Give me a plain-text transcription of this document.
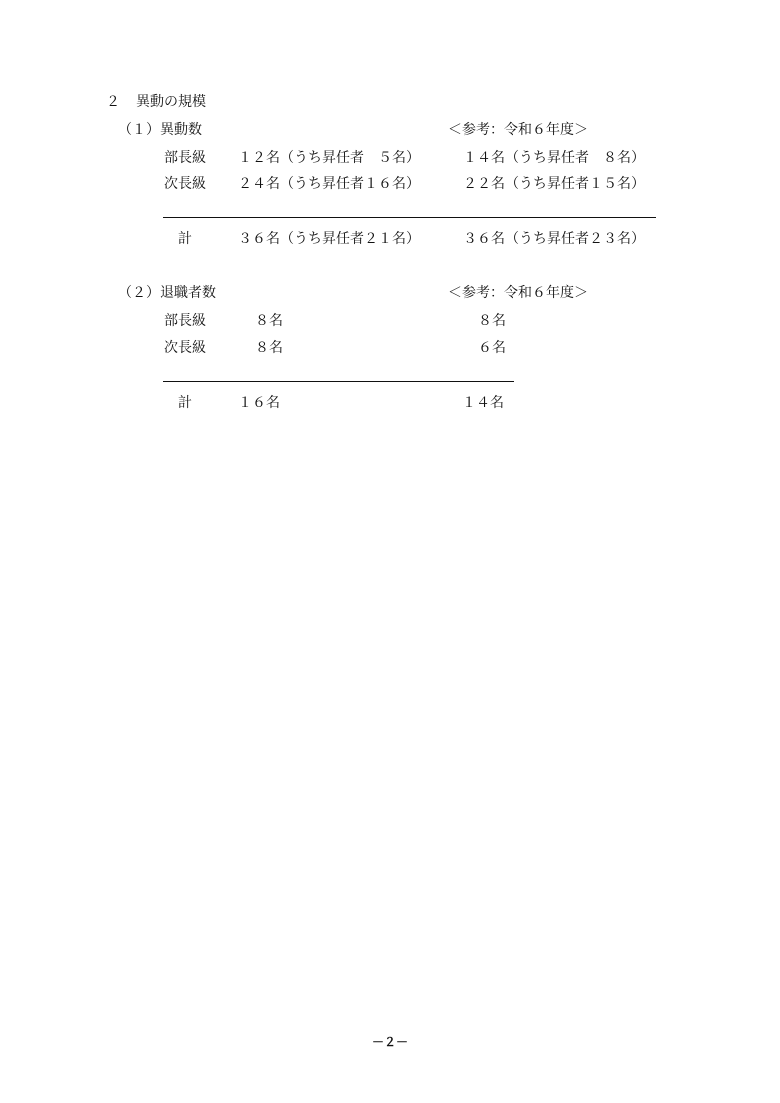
２ 異動の規模
（１）異動数	＜参考：令和６年度＞
部長級 １２名（うち昇任者　５名）	１４名（うち昇任者　８名）
次長級 ２４名（うち昇任者１６名）	２２名（うち昇任者１５名）
計	３６名（うち昇任者２１名）	３６名（うち昇任者２３名）
（２）退職者数	＜参考：令和６年度＞
部長級	８名	８名
次長級	８名	６名
計	１６名	１４名
－２－
